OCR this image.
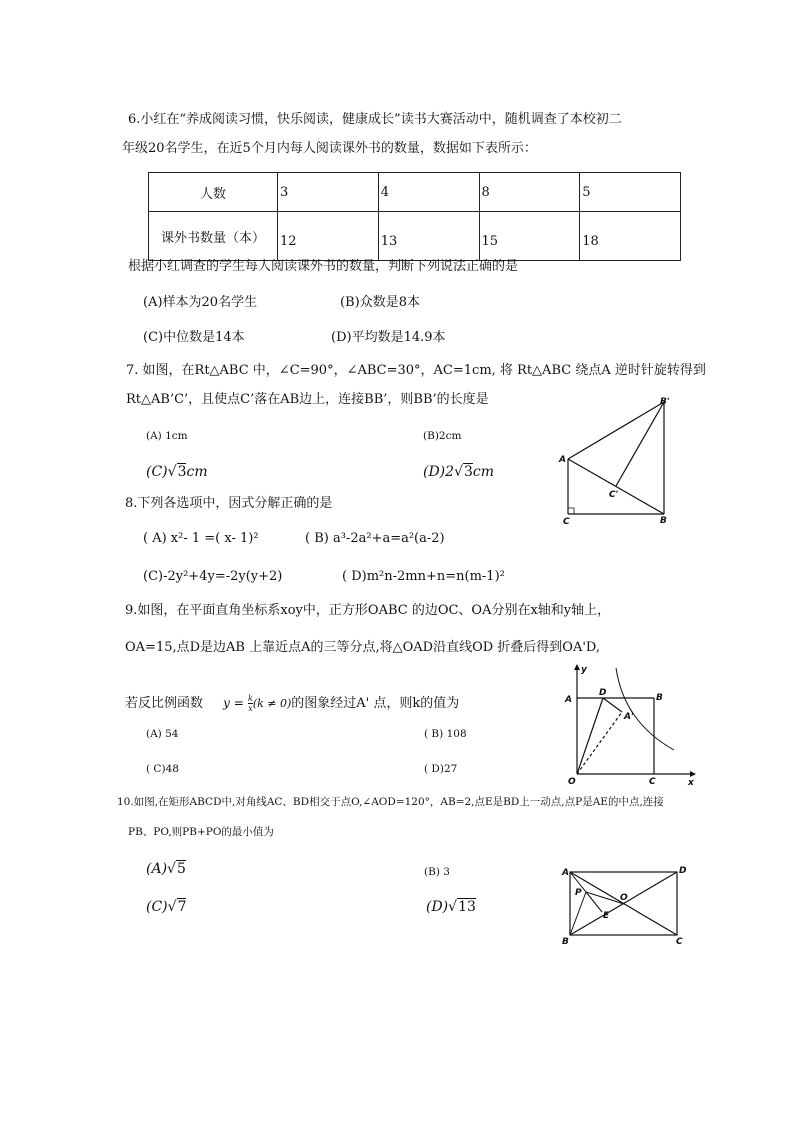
6.小红在“养成阅读习惯，快乐阅读，健康成长”读书大赛活动中，随机调查了本校初二
年级20名学生，在近5个月内每人阅读课外书的数量，数据如下表所示：
人数	3	4	8	5
课外书数量（本）	12	13	15	18
根据小红调查的学生每人阅读课外书的数量，判断下列说法正确的是
(A)样本为20名学生	(B)众数是8本
(C)中位数是14本	(D)平均数是14.9本
7. 如图，在Rt△ABC 中，∠C=90°，∠ABC=30°，AC=1cm, 将 Rt△ABC 绕点A 逆时针旋转得到
Rt△AB’C’，且使点C’落在AB边上，连接BB’，则BB’的长度是
(A) 1cm	(B)2cm
(C)√3cm	(D)2√3cm
A
B
C
B'
C'
8.下列各选项中，因式分解正确的是
( A) x²- 1 =( x- 1)²	( B) a³-2a²+a=a²(a-2)
(C)-2y²+4y=-2y(y+2)	( D)m²n-2mn+n=n(m-1)²
9.如图，在平面直角坐标系xoy中，正方形OABC 的边OC、OA分别在x轴和y轴上，
OA=15,点D是边AB 上靠近点A的三等分点,将△OAD沿直线OD 折叠后得到OA'D,
若反比例函数 $y = \frac{k}{x} (k \ne 0)$的图象经过A' 点，则k的值为
(A) 54	( B) 108
( C)48	( D)27
y
x
A
D	B
O	C
A'
10.如图,在矩形ABCD中,对角线AC、BD相交于点O,∠AOD=120°，AB=2,点E是BD上一动点,点P是AE的中点,连接
PB、PO,则PB+PO的最小值为
(A)√5	(B) 3
(C)√7	(D)√13
A	D
P	O
E
B	C
